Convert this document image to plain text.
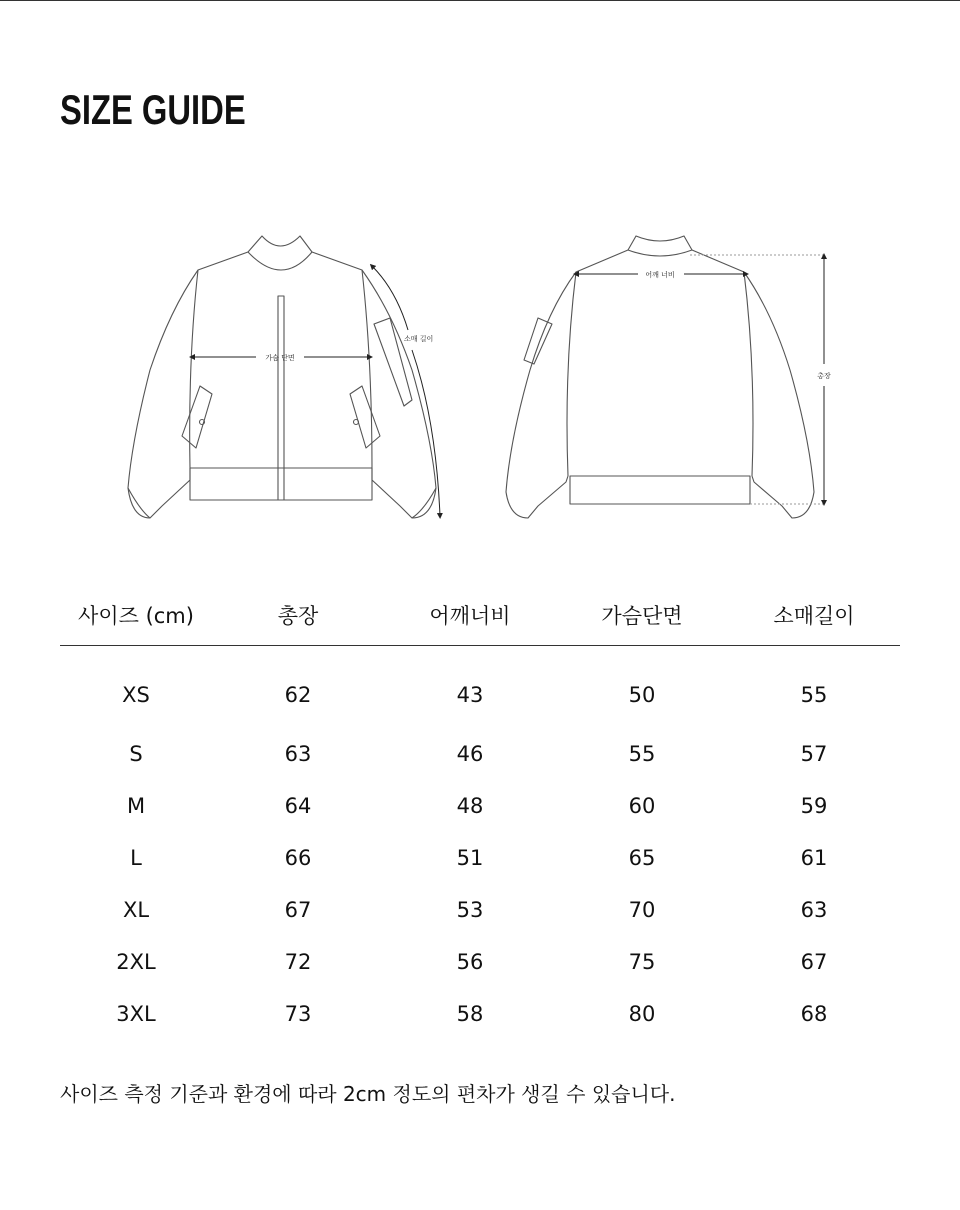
SIZE GUIDE
가슴 단면
소매 길이
어깨 너비
총장
사이즈 (cm)	총장	어깨너비	가슴단면	소매길이
XS	62	43	50	55
S	63	46	55	57
M	64	48	60	59
L	66	51	65	61
XL	67	53	70	63
2XL	72	56	75	67
3XL	73	58	80	68

사이즈 측정 기준과 환경에 따라 2cm 정도의 편차가 생길 수 있습니다.
